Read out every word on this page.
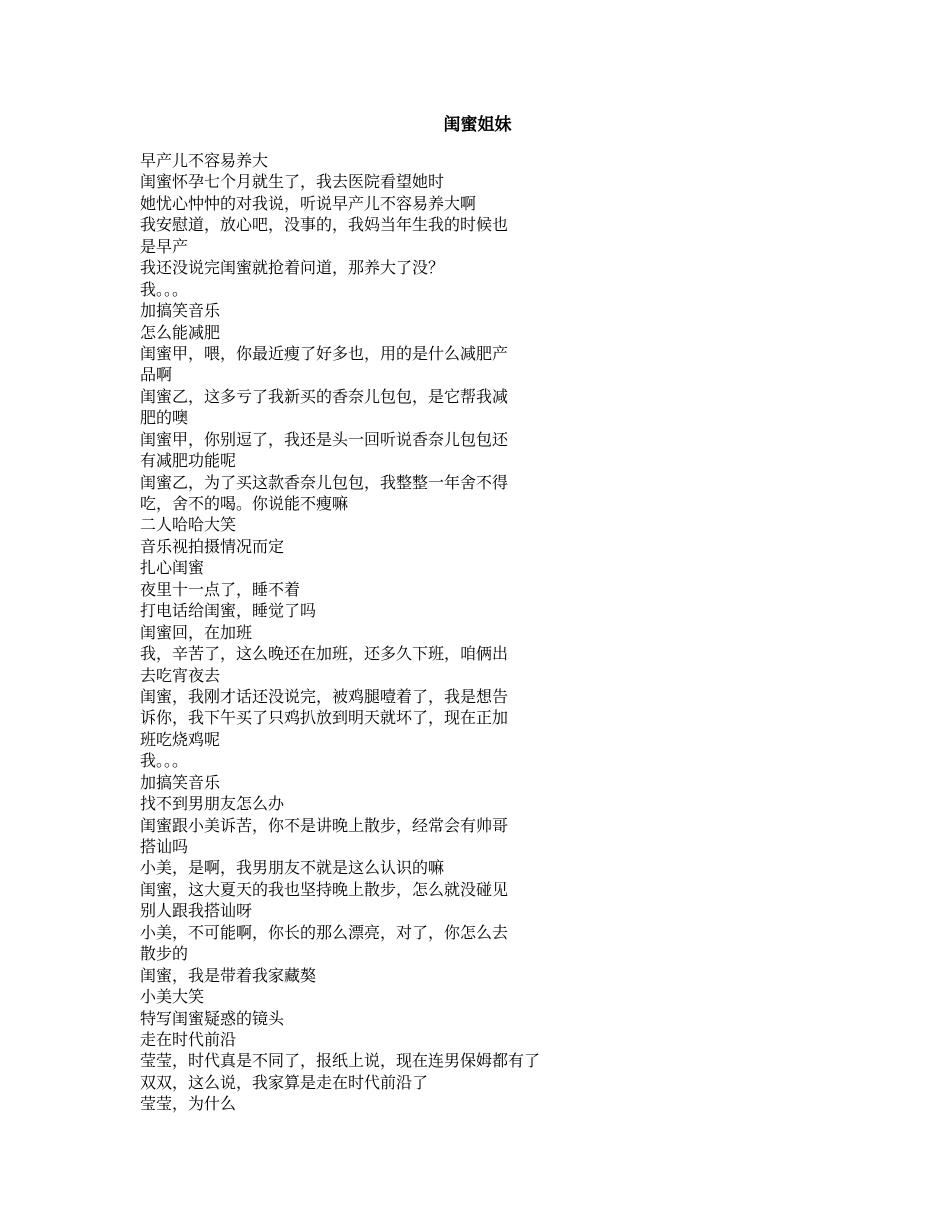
闺蜜姐妹
早产儿不容易养大
闺蜜怀孕七个月就生了，我去医院看望她时
她忧心忡忡的对我说，听说早产儿不容易养大啊
我安慰道，放心吧，没事的，我妈当年生我的时候也
是早产
我还没说完闺蜜就抢着问道，那养大了没？
我。。。
加搞笑音乐
怎么能减肥
闺蜜甲，喂，你最近瘦了好多也，用的是什么减肥产
品啊
闺蜜乙，这多亏了我新买的香奈儿包包，是它帮我减
肥的噢
闺蜜甲，你别逗了，我还是头一回听说香奈儿包包还
有减肥功能呢
闺蜜乙，为了买这款香奈儿包包，我整整一年舍不得
吃，舍不的喝。你说能不瘦嘛
二人哈哈大笑
音乐视拍摄情况而定
扎心闺蜜
夜里十一点了，睡不着
打电话给闺蜜，睡觉了吗
闺蜜回，在加班
我，辛苦了，这么晚还在加班，还多久下班，咱俩出
去吃宵夜去
闺蜜，我刚才话还没说完，被鸡腿噎着了，我是想告
诉你，我下午买了只鸡扒放到明天就坏了，现在正加
班吃烧鸡呢
我。。。
加搞笑音乐
找不到男朋友怎么办
闺蜜跟小美诉苦，你不是讲晚上散步，经常会有帅哥
搭讪吗
小美，是啊，我男朋友不就是这么认识的嘛
闺蜜，这大夏天的我也坚持晚上散步，怎么就没碰见
别人跟我搭讪呀
小美，不可能啊，你长的那么漂亮，对了，你怎么去
散步的
闺蜜，我是带着我家藏獒
小美大笑
特写闺蜜疑惑的镜头
走在时代前沿
莹莹，时代真是不同了，报纸上说，现在连男保姆都有了
双双，这么说，我家算是走在时代前沿了
莹莹，为什么
